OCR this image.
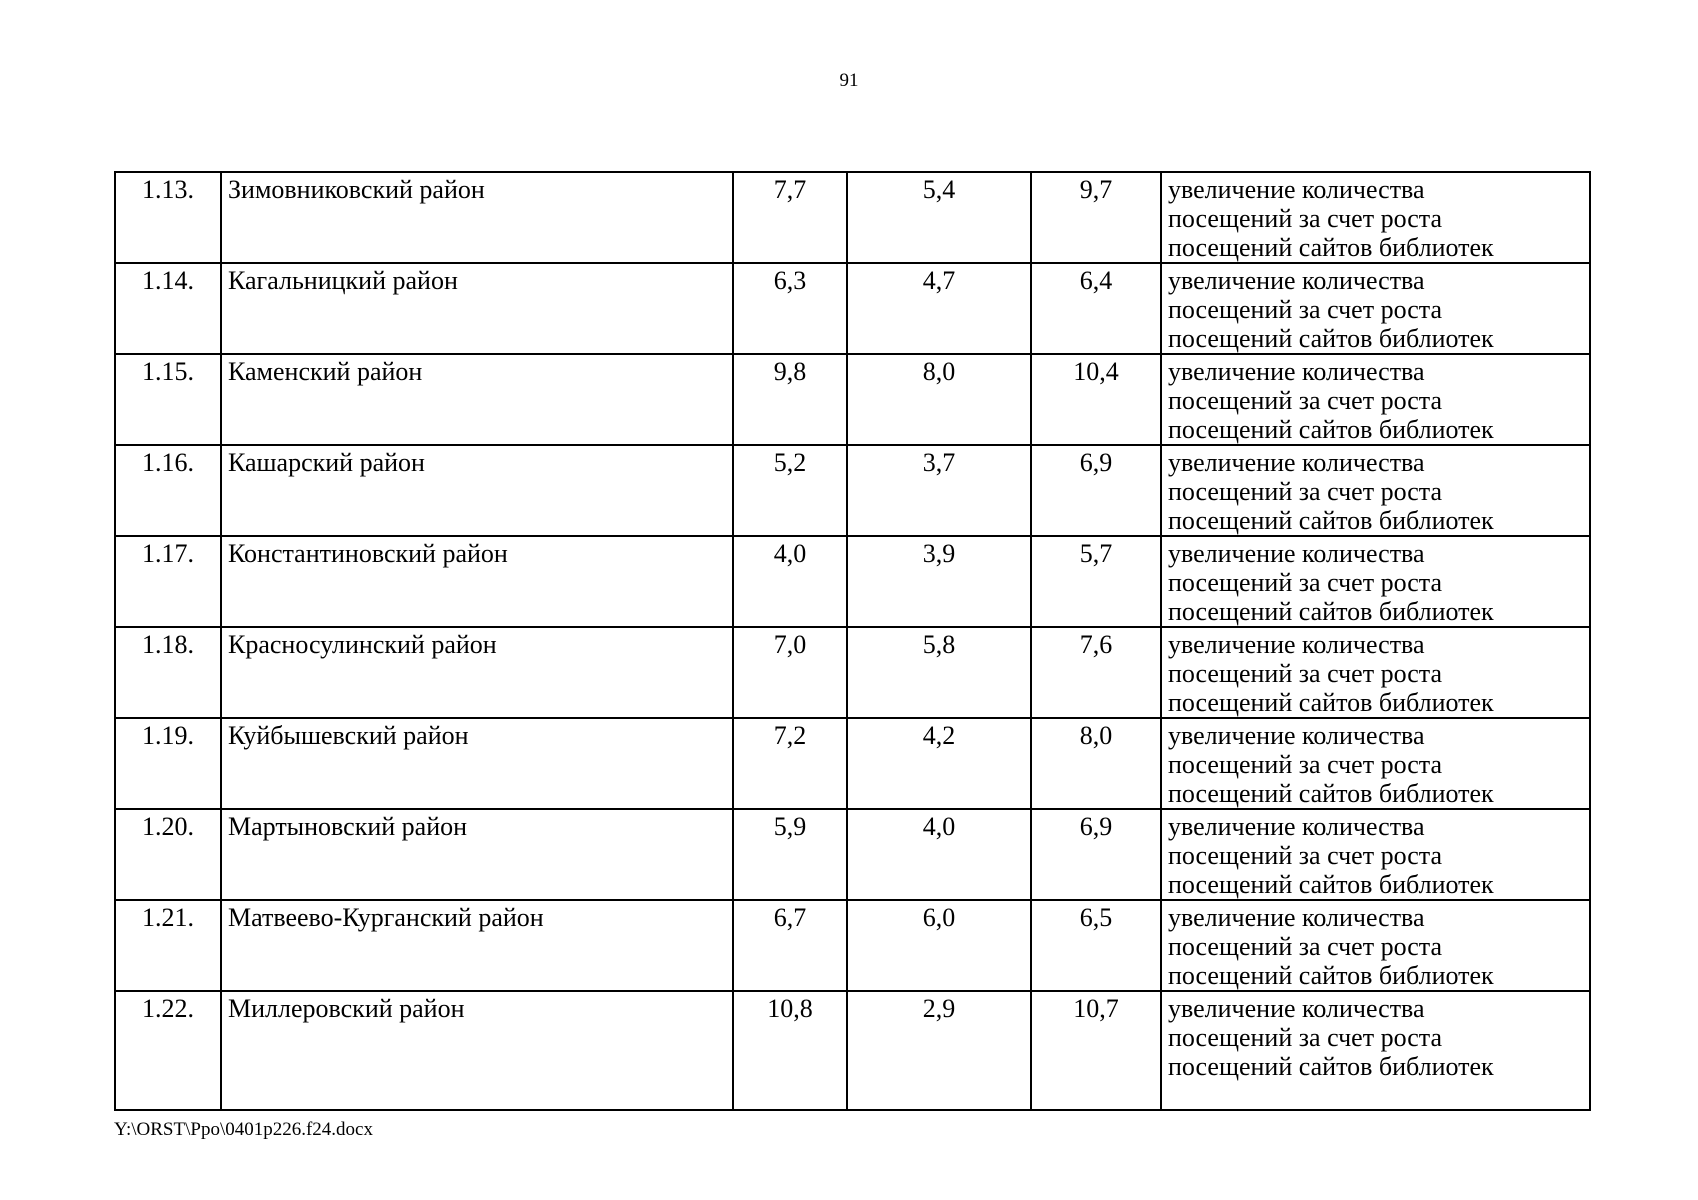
91
1.13.	Зимовниковский район	7,7	5,4	9,7	увеличение количества
посещений за счет роста
посещений сайтов библиотек

1.14.	Кагальницкий район	6,3	4,7	6,4	увеличение количества
посещений за счет роста
посещений сайтов библиотек

1.15.	Каменский район	9,8	8,0	10,4	увеличение количества
посещений за счет роста
посещений сайтов библиотек

1.16.	Кашарский район	5,2	3,7	6,9	увеличение количества
посещений за счет роста
посещений сайтов библиотек

1.17.	Константиновский район	4,0	3,9	5,7	увеличение количества
посещений за счет роста
посещений сайтов библиотек

1.18.	Красносулинский район	7,0	5,8	7,6	увеличение количества
посещений за счет роста
посещений сайтов библиотек

1.19.	Куйбышевский район	7,2	4,2	8,0	увеличение количества
посещений за счет роста
посещений сайтов библиотек

1.20.	Мартыновский район	5,9	4,0	6,9	увеличение количества
посещений за счет роста
посещений сайтов библиотек

1.21.	Матвеево-Курганский район	6,7	6,0	6,5	увеличение количества
посещений за счет роста
посещений сайтов библиотек

1.22.	Миллеровский район	10,8	2,9	10,7	увеличение количества
посещений за счет роста
посещений сайтов библиотек
Y:\ORST\Ppo\0401p226.f24.docx
